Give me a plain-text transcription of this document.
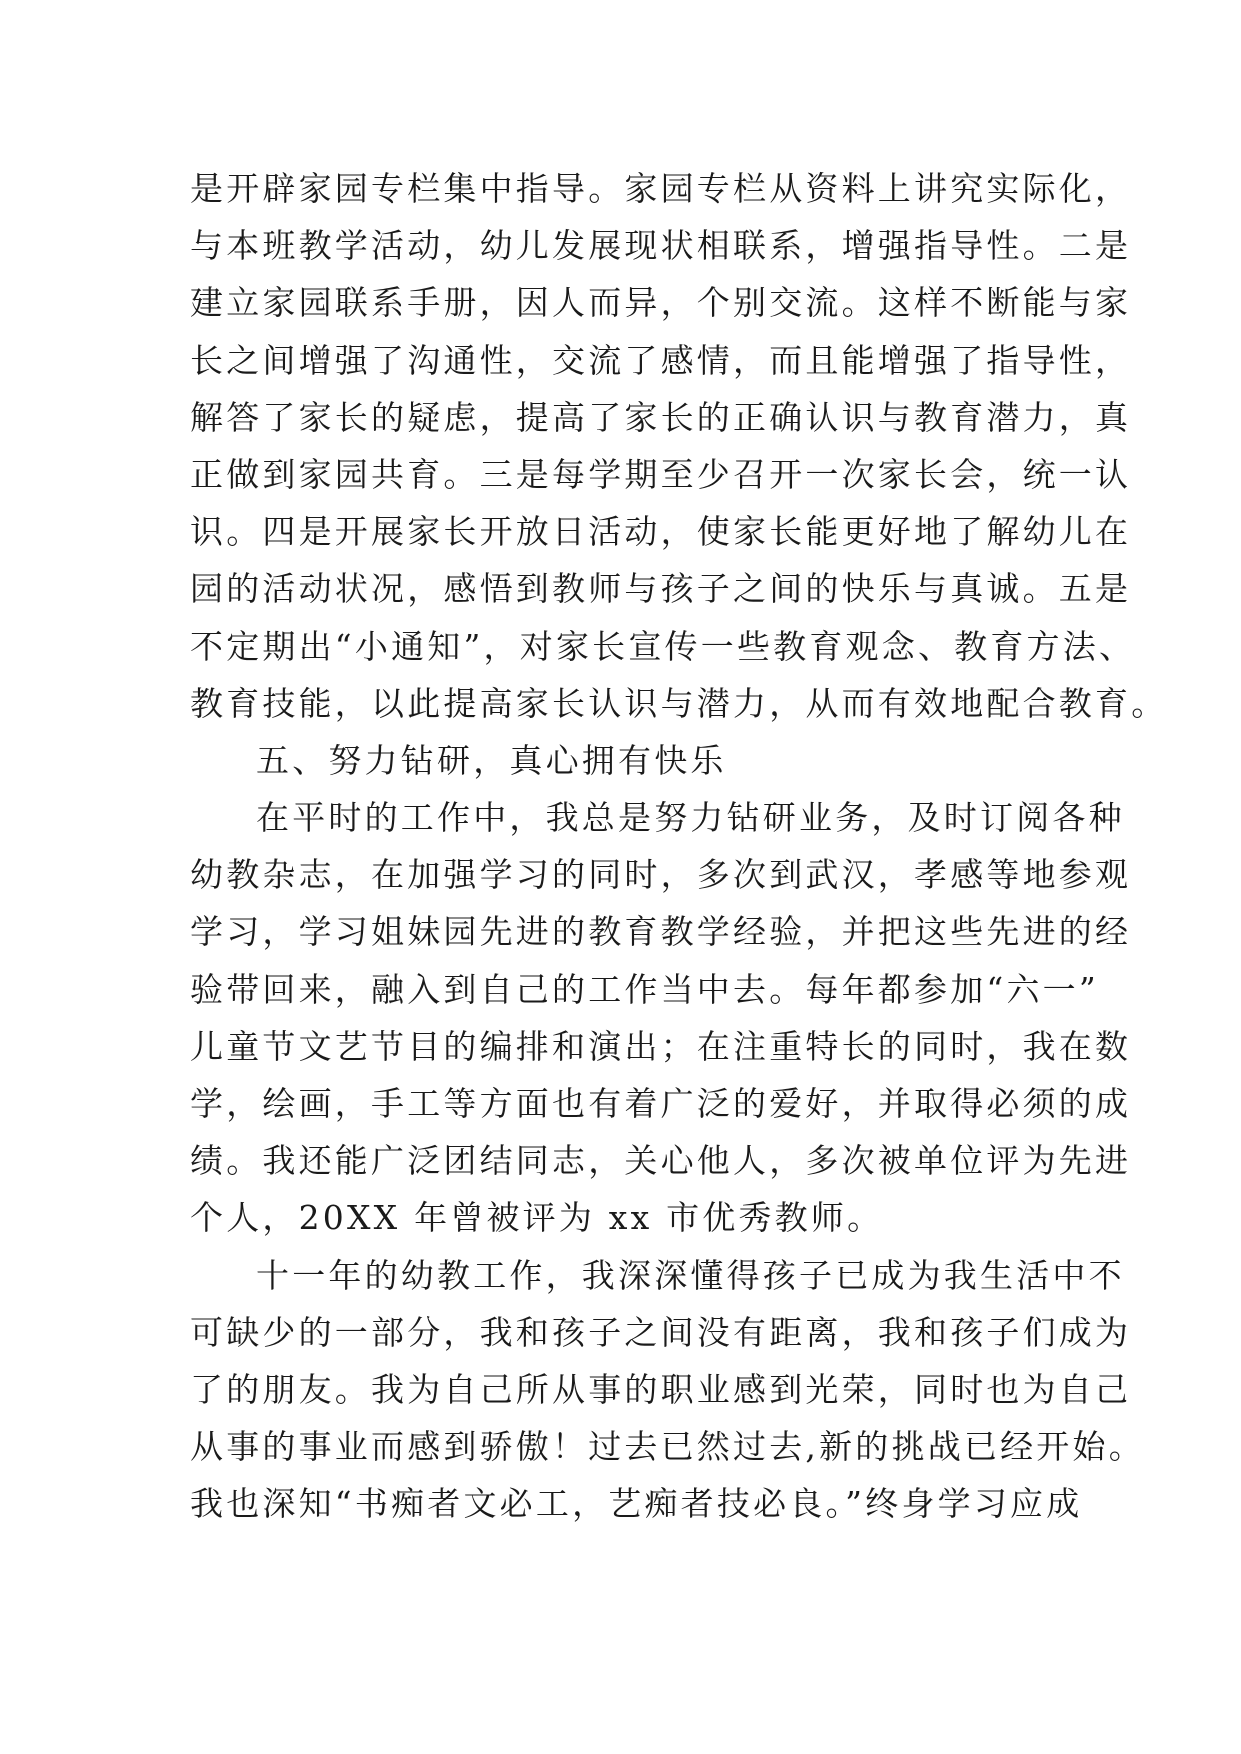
是开辟家园专栏集中指导。家园专栏从资料上讲究实际化，
与本班教学活动，幼儿发展现状相联系，增强指导性。二是
建立家园联系手册，因人而异，个别交流。这样不断能与家
长之间增强了沟通性，交流了感情，而且能增强了指导性，
解答了家长的疑虑，提高了家长的正确认识与教育潜力，真
正做到家园共育。三是每学期至少召开一次家长会，统一认
识。四是开展家长开放日活动，使家长能更好地了解幼儿在
园的活动状况，感悟到教师与孩子之间的快乐与真诚。五是
不定期出“小通知”，对家长宣传一些教育观念、教育方法、
教育技能，以此提高家长认识与潜力，从而有效地配合教育。
五、努力钻研，真心拥有快乐
在平时的工作中，我总是努力钻研业务，及时订阅各种
幼教杂志，在加强学习的同时，多次到武汉，孝感等地参观
学习，学习姐妹园先进的教育教学经验，并把这些先进的经
验带回来，融入到自己的工作当中去。每年都参加“六一”
儿童节文艺节目的编排和演出；在注重特长的同时，我在数
学，绘画，手工等方面也有着广泛的爱好，并取得必须的成
绩。我还能广泛团结同志，关心他人，多次被单位评为先进
个人，20XX 年曾被评为 xx 市优秀教师。
十一年的幼教工作，我深深懂得孩子已成为我生活中不
可缺少的一部分，我和孩子之间没有距离，我和孩子们成为
了的朋友。我为自己所从事的职业感到光荣，同时也为自己
从事的事业而感到骄傲！过去已然过去,新的挑战已经开始。
我也深知“书痴者文必工，艺痴者技必良。”终身学习应成
